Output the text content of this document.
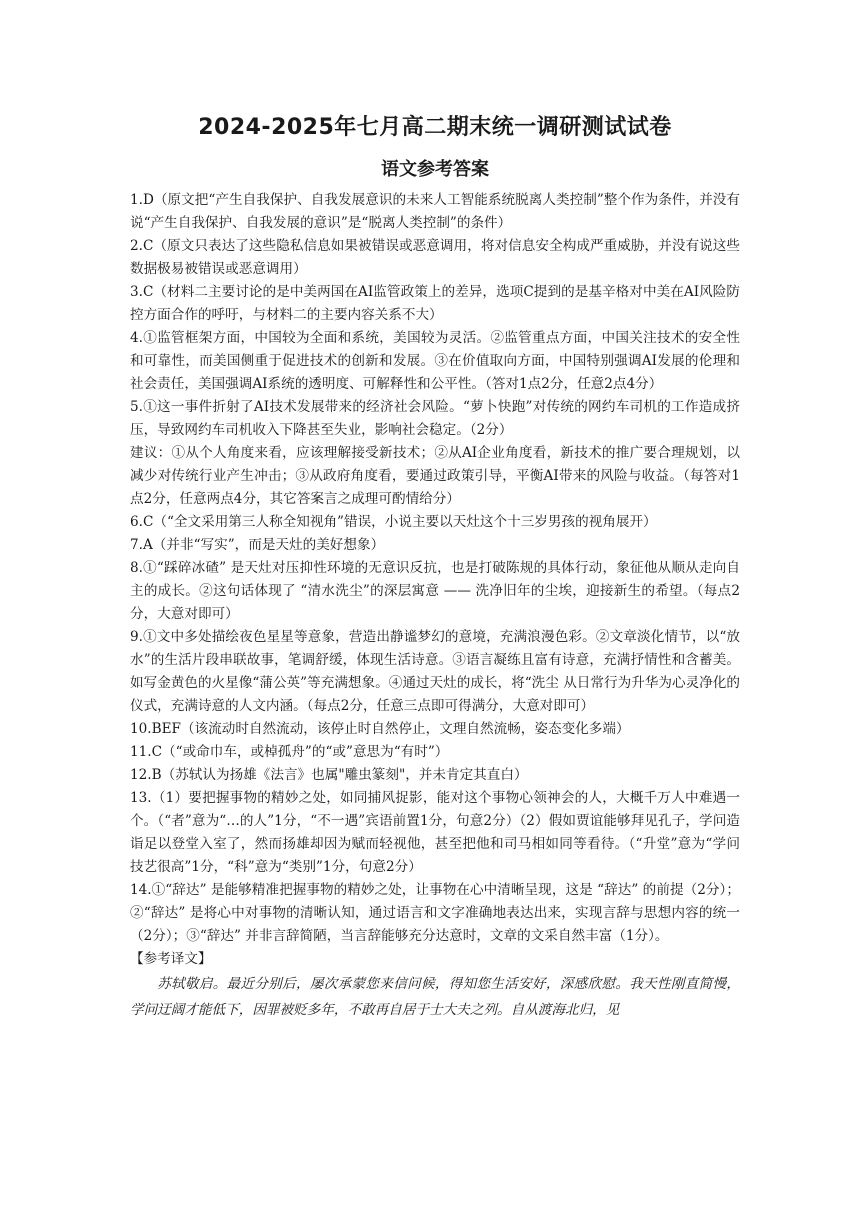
2024-2025年七月高二期末统一调研测试试卷
语文参考答案

1.D（原文把“产生自我保护、自我发展意识的未来人工智能系统脱离人类控制”整个作为条件，并没有说“产生自我保护、自我发展的意识”是“脱离人类控制”的条件）

2.C（原文只表达了这些隐私信息如果被错误或恶意调用，将对信息安全构成严重威胁，并没有说这些数据极易被错误或恶意调用）

3.C（材料二主要讨论的是中美两国在AI监管政策上的差异，选项C提到的是基辛格对中美在AI风险防控方面合作的呼吁，与材料二的主要内容关系不大）

4.①监管框架方面，中国较为全面和系统，美国较为灵活。②监管重点方面，中国关注技术的安全性和可靠性，而美国侧重于促进技术的创新和发展。③在价值取向方面，中国特别强调AI发展的伦理和社会责任，美国强调AI系统的透明度、可解释性和公平性。（答对1点2分，任意2点4分）

5.①这一事件折射了AI技术发展带来的经济社会风险。“萝卜快跑”对传统的网约车司机的工作造成挤压，导致网约车司机收入下降甚至失业，影响社会稳定。（2分）

建议：①从个人角度来看，应该理解接受新技术；②从AI企业角度看，新技术的推广要合理规划，以减少对传统行业产生冲击；③从政府角度看，要通过政策引导，平衡AI带来的风险与收益。（每答对1点2分，任意两点4分，其它答案言之成理可酌情给分）

6.C（“全文采用第三人称全知视角”错误，小说主要以天灶这个十三岁男孩的视角展开）

7.A（并非“写实”，而是天灶的美好想象）

8.①“踩碎冰碴” 是天灶对压抑性环境的无意识反抗，也是打破陈规的具体行动，象征他从顺从走向自主的成长。②这句话体现了 “清水洗尘”的深层寓意 —— 洗净旧年的尘埃，迎接新生的希望。（每点2分，大意对即可）

9.①文中多处描绘夜色星星等意象，营造出静谧梦幻的意境，充满浪漫色彩。②文章淡化情节，以“放水”的生活片段串联故事，笔调舒缓，体现生活诗意。③语言凝练且富有诗意，充满抒情性和含蓄美。如写金黄色的火星像“蒲公英”等充满想象。④通过天灶的成长，将“洗尘 从日常行为升华为心灵净化的仪式，充满诗意的人文内涵。（每点2分，任意三点即可得满分，大意对即可）

10.BEF（该流动时自然流动，该停止时自然停止，文理自然流畅，姿态变化多端）

11.C（“或命巾车，或棹孤舟”的“或”意思为“有时”）

12.B（苏轼认为扬雄《法言》也属"雕虫篆刻"，并未肯定其直白）

13.（1）要把握事物的精妙之处，如同捕风捉影，能对这个事物心领神会的人，大概千万人中难遇一个。（“者”意为“…的人”1分，“不一遇”宾语前置1分，句意2分）（2）假如贾谊能够拜见孔子，学问造诣足以登堂入室了，然而扬雄却因为赋而轻视他，甚至把他和司马相如同等看待。（“升堂”意为“学问技艺很高”1分，“科”意为“类别”1分，句意2分）

14.①“辞达” 是能够精准把握事物的精妙之处，让事物在心中清晰呈现，这是 “辞达” 的前提（2分）；②“辞达” 是将心中对事物的清晰认知，通过语言和文字准确地表达出来，实现言辞与思想内容的统一（2分）；③“辞达” 并非言辞简陋，当言辞能够充分达意时，文章的文采自然丰富（1分）。

【参考译文】

苏轼敬启。最近分别后，屡次承蒙您来信问候，得知您生活安好，深感欣慰。我天性刚直简慢，学问迂阔才能低下，因罪被贬多年，不敢再自居于士大夫之列。自从渡海北归，见
